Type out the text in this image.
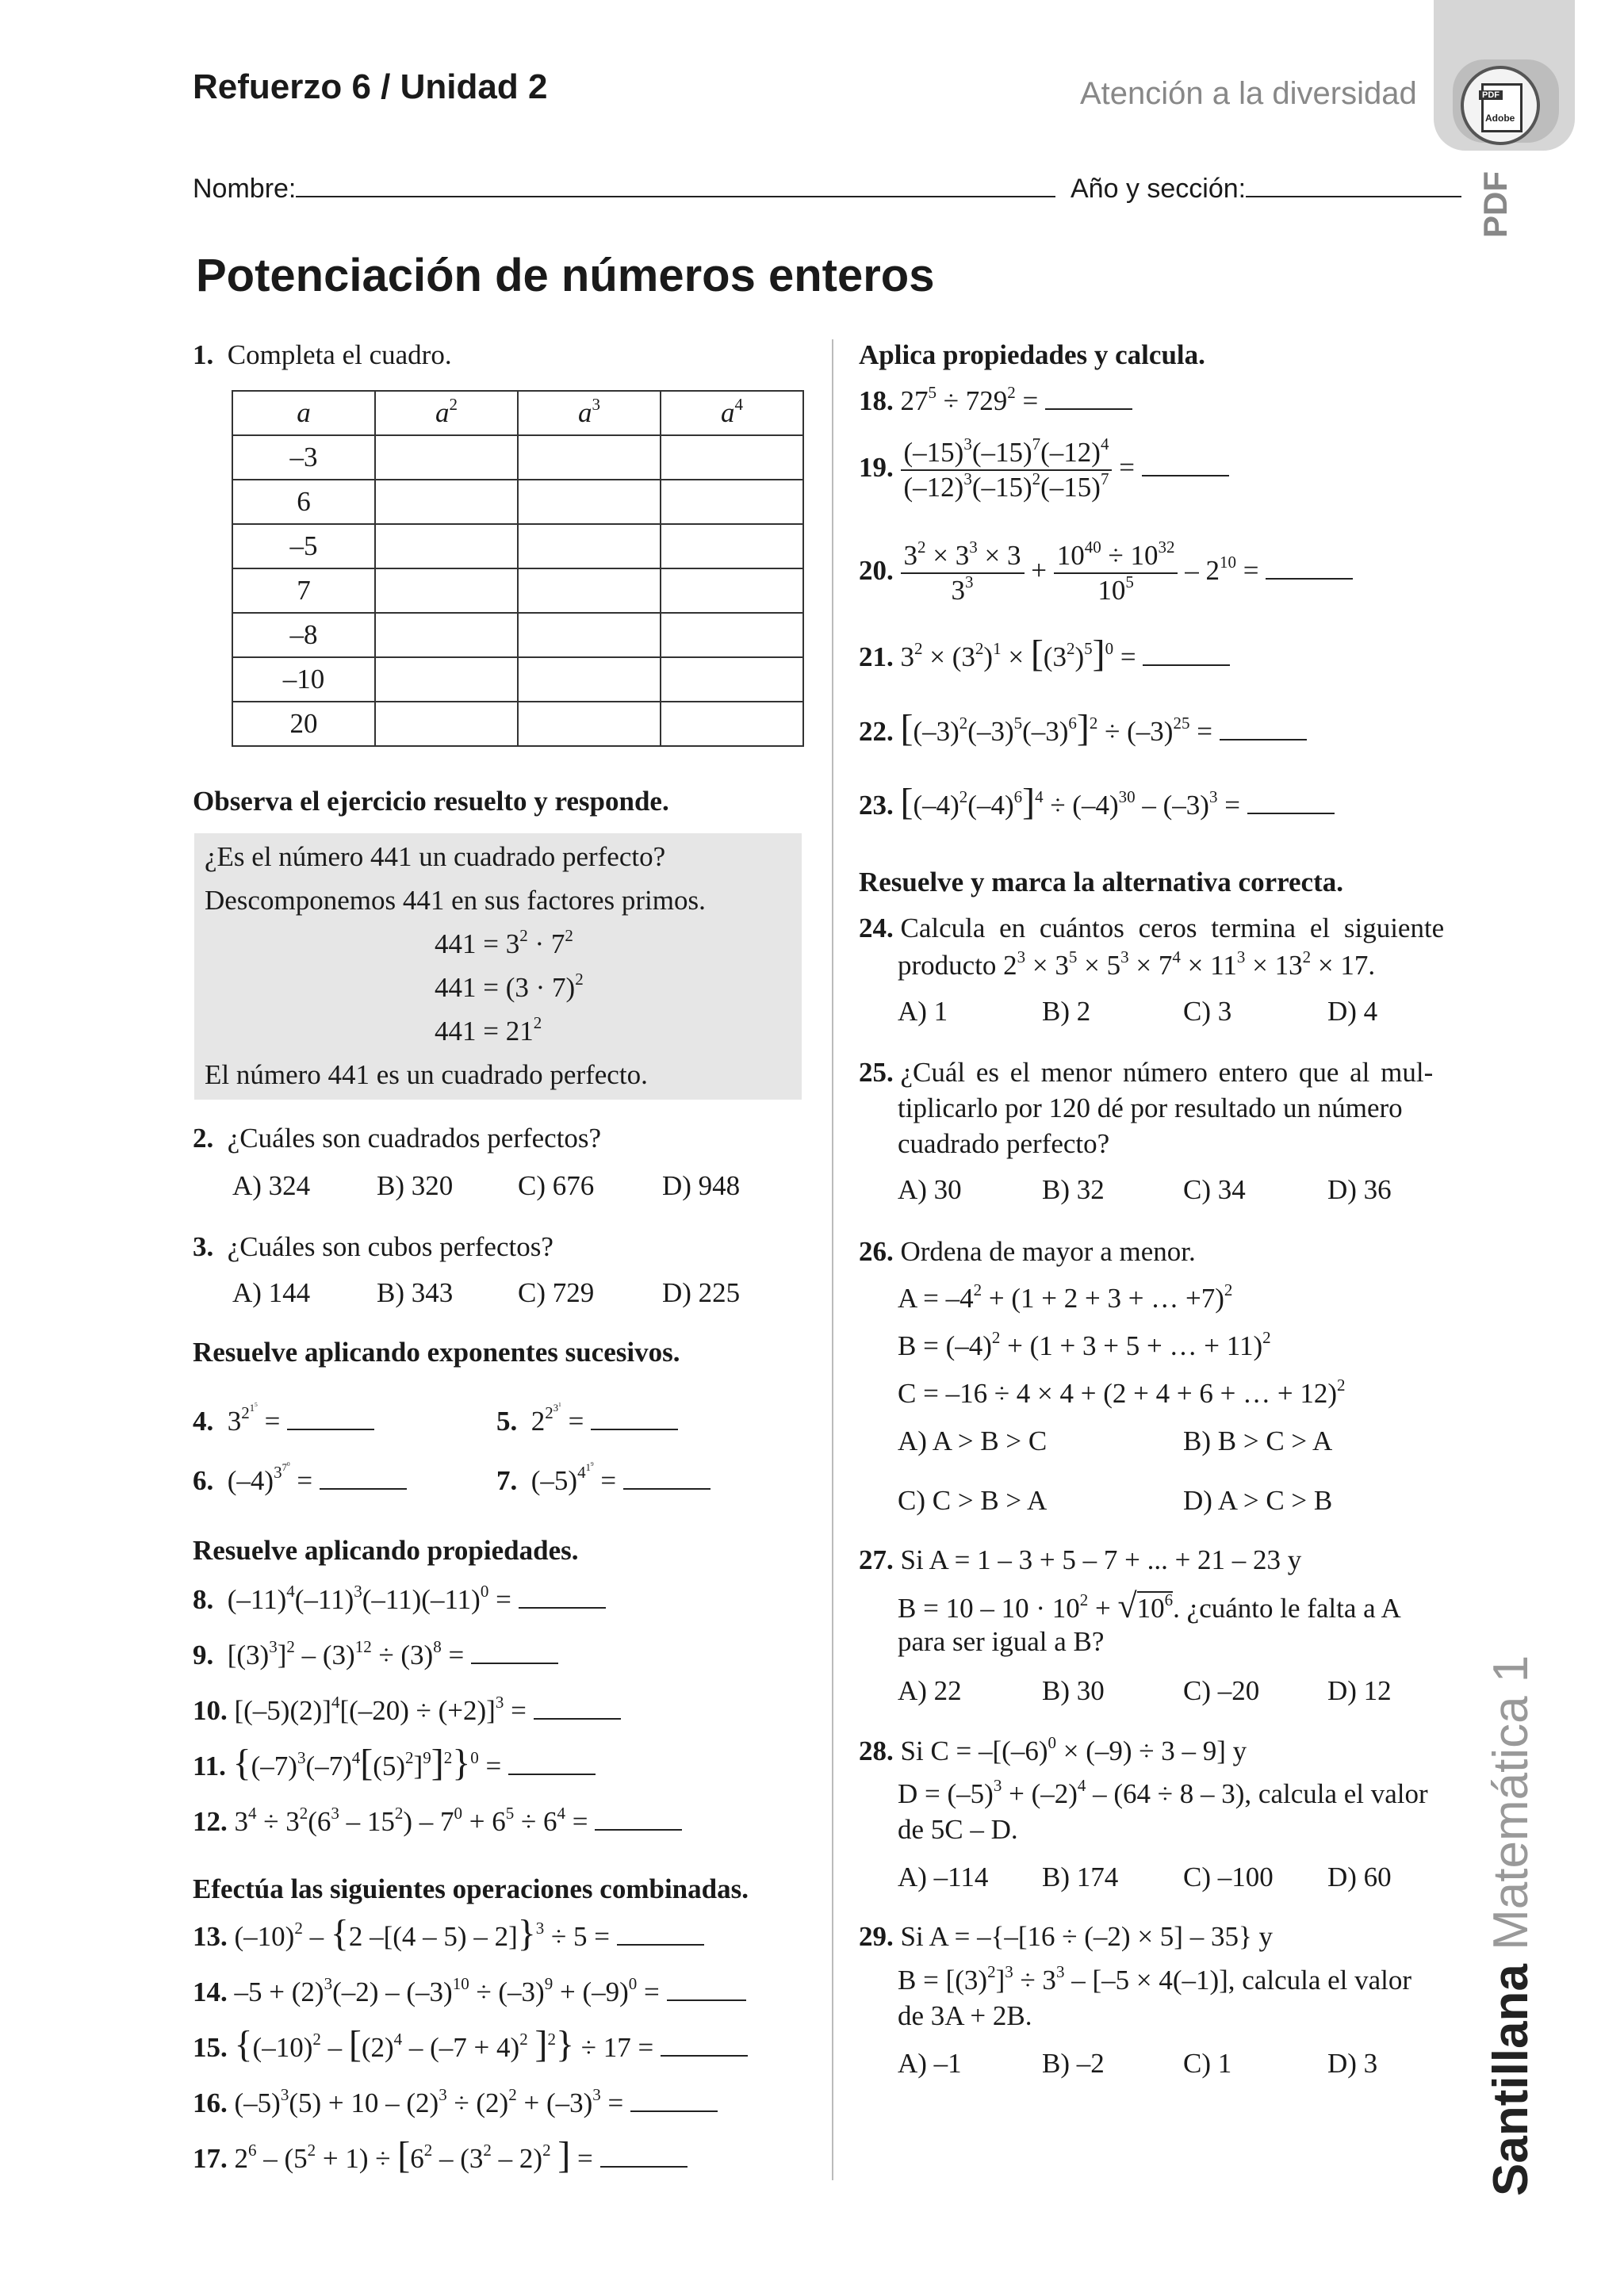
Refuerzo 6 / Unidad 2	Atención a la diversidad	PDF
Adobe
PDF
Nombre:	Año y sección:
Potenciación de números enteros
1. Completa el cuadro.
a	$a^2$	$a^3$	$a^4$
–3			
6			
–5			
7			
–8			
–10			
20			
Observa el ejercicio resuelto y responde.
¿Es el número 441 un cuadrado perfecto?
Descomponemos 441 en sus factores primos.
$441 = 3^2 \cdot 7^2$
$441 = (3 \cdot 7)^2$
$441 = 21^2$
El número 441 es un cuadrado perfecto.
2. ¿Cuáles son cuadrados perfectos?
A) 324 B) 320 C) 676 D) 948
3. ¿Cuáles son cubos perfectos?
A) 144 B) 343 C) 729 D) 225
Resuelve aplicando exponentes sucesivos.
4.  $3^{2^{1^5}}$ =	5.  $2^{2^{3^1}}$ =
6.  $(-4)^{3^{7^0}}$ =	7.  $(-5)^{4^{1^9}}$ =
Resuelve aplicando propiedades.
8.  $(-11)^4(-11)^3(-11)(-11)^0$ =
9.  $[(3)^3]^2 - (3)^{12} \div (3)^8$ =
10. $[(-5)(2)]^4[(-20) \div (+2)]^3$ =
11. $\{(-7)^3(-7)^4[(5)^2]^9]^2\}^0$ =
12. $3^4 \div 3^2(6^3 - 15^2) - 7^0 + 6^5 \div 6^4$ =
Efectúa las siguientes operaciones combinadas.
13. $(-10)^2 - \{2$ –[(4 – 5) – 2]}$^3$ ÷ 5 =
14. $-5 + (2)^3(-2) - (-3)^{10} \div (-3)^9 + (-9)^0$ =
15. {$(-10)^2 - [(2)^4 - (-7 + 4)^2$ ]$^2$} ÷ 17 =
16. $(-5)^3(5) + 10 - (2)^3 \div (2)^2 + (-3)^3$ =
17. $2^6 - (5^2 + 1) \div [6^2 - (3^2 - 2)^2$ ] =
Aplica propiedades y calcula.
18. $27^5 \div 729^2$ =
19. $\frac{(-15)^3(-15)^7(-12)^4}{(-12)^3(-15)^2(-15)^7}$ =
20. $\frac{3^2 \times 3^3 \times 3}{3^3} + \frac{10^{40} \div 10^{32}}{10^5} - 2^{10}$ =
21. $3^2 \times (3^2)^1 \times [(3^2)^5]^0$ =
22. $[(-3)^2(-3)^5(-3)^6]^2 \div (-3)^{25}$ =
23. $[(-4)^2(-4)^6]^4 \div (-4)^{30} - (-3)^3$ =
Resuelve y marca la alternativa correcta.
24. Calcula en cuántos ceros termina el siguiente
producto $2^3 \times 3^5 \times 5^3 \times 7^4 \times 11^3 \times 13^2 \times 17$.
A) 1	B) 2	C) 3	D) 4
25. ¿Cuál es el menor número entero que al mul-
tiplicarlo por 120 dé por resultado un número
cuadrado perfecto?
A) 30	B) 32	C) 34	D) 36
26. Ordena de mayor a menor.
$A = -4^2 + (1 + 2 + 3$ + … +7)$^2$
$B = (-4)^2 + (1 + 3 + 5$ + … + 11)$^2$
C = –16 ÷ 4 × 4 + (2 + 4 + 6 + … + 12)$^2$
A) A > B > C	B) B > C > A
C) C > B > A	D) A > C > B
27. Si A = 1 – 3 + 5 – 7 + ... + 21 – 23 y
$B = 10 - 10 \cdot 10^2 + √10^6$. ¿cuánto le falta a A
para ser igual a B?
A) 22	B) 30	C) –20 D) 12
28. Si $C = -[(-6)^0 \times (-9) \div 3 - 9]$ y
$D = (-5)^3 + (-2)^4 - (64 \div 8 - 3)$, calcula el valor
de 5C – D.
A) –114 B) 174 C) –100 D) 60
29. Si A = –{–[16 ÷ (–2) × 5] – 35} y
$B = [(3)^2]^3 \div 3^3 - [-5 \times 4(-1)]$, calcula el valor
de 3A + 2B.
A) –1	B) –2	C) 1	D) 3 Santillana Matemática 1
